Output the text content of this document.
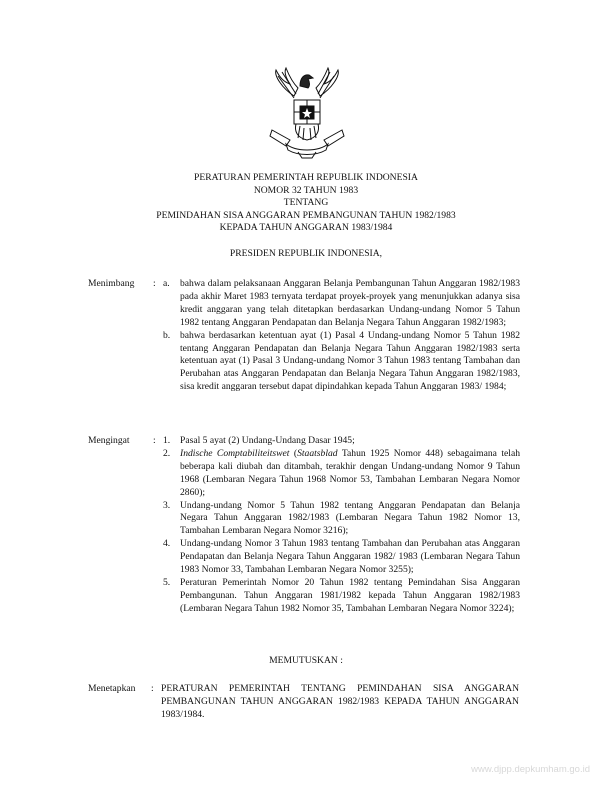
PERATURAN PEMERINTAH REPUBLIK INDONESIA
NOMOR 32 TAHUN 1983
TENTANG
PEMINDAHAN SISA ANGGARAN PEMBANGUNAN TAHUN 1982/1983
KEPADA TAHUN ANGGARAN 1983/1984
PRESIDEN REPUBLIK INDONESIA,
Menimbang	: a.	bahwa dalam pelaksanaan Anggaran Belanja Pembangunan Tahun Anggaran 1982/1983 pada akhir Maret 1983 ternyata terdapat proyek-proyek yang menunjukkan adanya sisa kredit anggaran yang telah ditetapkan berdasarkan Undang-undang Nomor 5 Tahun 1982 tentang Anggaran Pendapatan dan Belanja Negara Tahun Anggaran 1982/1983;
b.	bahwa berdasarkan ketentuan ayat (1) Pasal 4 Undang-undang Nomor 5 Tahun 1982 tentang Anggaran Pendapatan dan Belanja Negara Tahun Anggaran 1982/1983 serta ketentuan ayat (1) Pasal 3 Undang-undang Nomor 3 Tahun 1983 tentang Tambahan dan Perubahan atas Anggaran Pendapatan dan Belanja Negara Tahun Anggaran 1982/1983, sisa kredit anggaran tersebut dapat dipindahkan kepada Tahun Anggaran 1983/ 1984;
Mengingat	: 1.	Pasal 5 ayat (2) Undang-Undang Dasar 1945;
2.	Indische Comptabiliteitswet (Staatsblad Tahun 1925 Nomor 448) sebagaimana telah beberapa kali diubah dan ditambah, terakhir dengan Undang-undang Nomor 9 Tahun 1968 (Lembaran Negara Tahun 1968 Nomor 53, Tambahan Lembaran Negara Nomor 2860);
3.	Undang-undang Nomor 5 Tahun 1982 tentang Anggaran Pendapatan dan Belanja Negara Tahun Anggaran 1982/1983 (Lembaran Negara Tahun 1982 Nomor 13, Tambahan Lembaran Negara Nomor 3216);
4.	Undang-undang Nomor 3 Tahun 1983 tentang Tambahan dan Perubahan atas Anggaran Pendapatan dan Belanja Negara Tahun Anggaran 1982/ 1983 (Lembaran Negara Tahun 1983 Nomor 33, Tambahan Lembaran Negara Nomor 3255);
5.	Peraturan Pemerintah Nomor 20 Tahun 1982 tentang Pemindahan Sisa Anggaran Pembangunan. Tahun Anggaran 1981/1982 kepada Tahun Anggaran 1982/1983 (Lembaran Negara Tahun 1982 Nomor 35, Tambahan Lembaran Negara Nomor 3224);
MEMUTUSKAN :
Menetapkan	: PERATURAN PEMERINTAH TENTANG PEMINDAHAN SISA ANGGARAN PEMBANGUNAN TAHUN ANGGARAN 1982/1983 KEPADA TAHUN ANGGARAN 1983/1984.
www.djpp.depkumham.go.id
